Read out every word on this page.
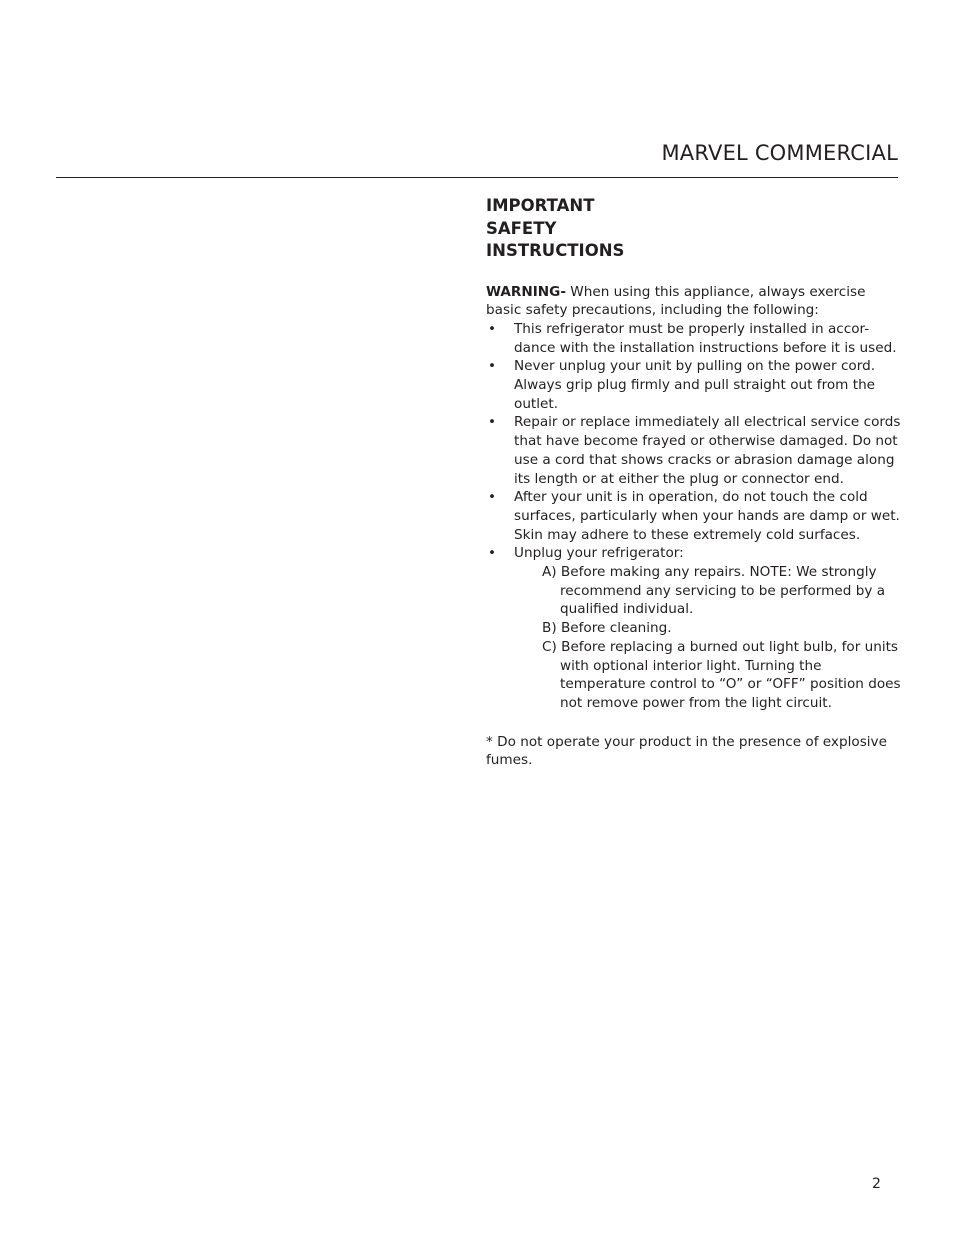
MARVEL COMMERCIAL
IMPORTANT
SAFETY
INSTRUCTIONS

WARNING- When using this appliance, always exercise basic safety precautions, including the following:

• This refrigerator must be properly installed in accor-dance with the installation instructions before it is used.
• Never unplug your unit by pulling on the power cord. Always grip plug firmly and pull straight out from the outlet.
• Repair or replace immediately all electrical service cords that have become frayed or otherwise damaged. Do not use a cord that shows cracks or abrasion damage along its length or at either the plug or connector end.
• After your unit is in operation, do not touch the cold surfaces, particularly when your hands are damp or wet. Skin may adhere to these extremely cold surfaces.
• Unplug your refrigerator:
A) Before making any repairs. NOTE: We strongly recommend any servicing to be performed by a qualified individual.
B) Before cleaning.
C) Before replacing a burned out light bulb, for units with optional interior light. Turning the temperature control to “O” or “OFF” position does not remove power from the light circuit.

* Do not operate your product in the presence of explosive fumes.

2
